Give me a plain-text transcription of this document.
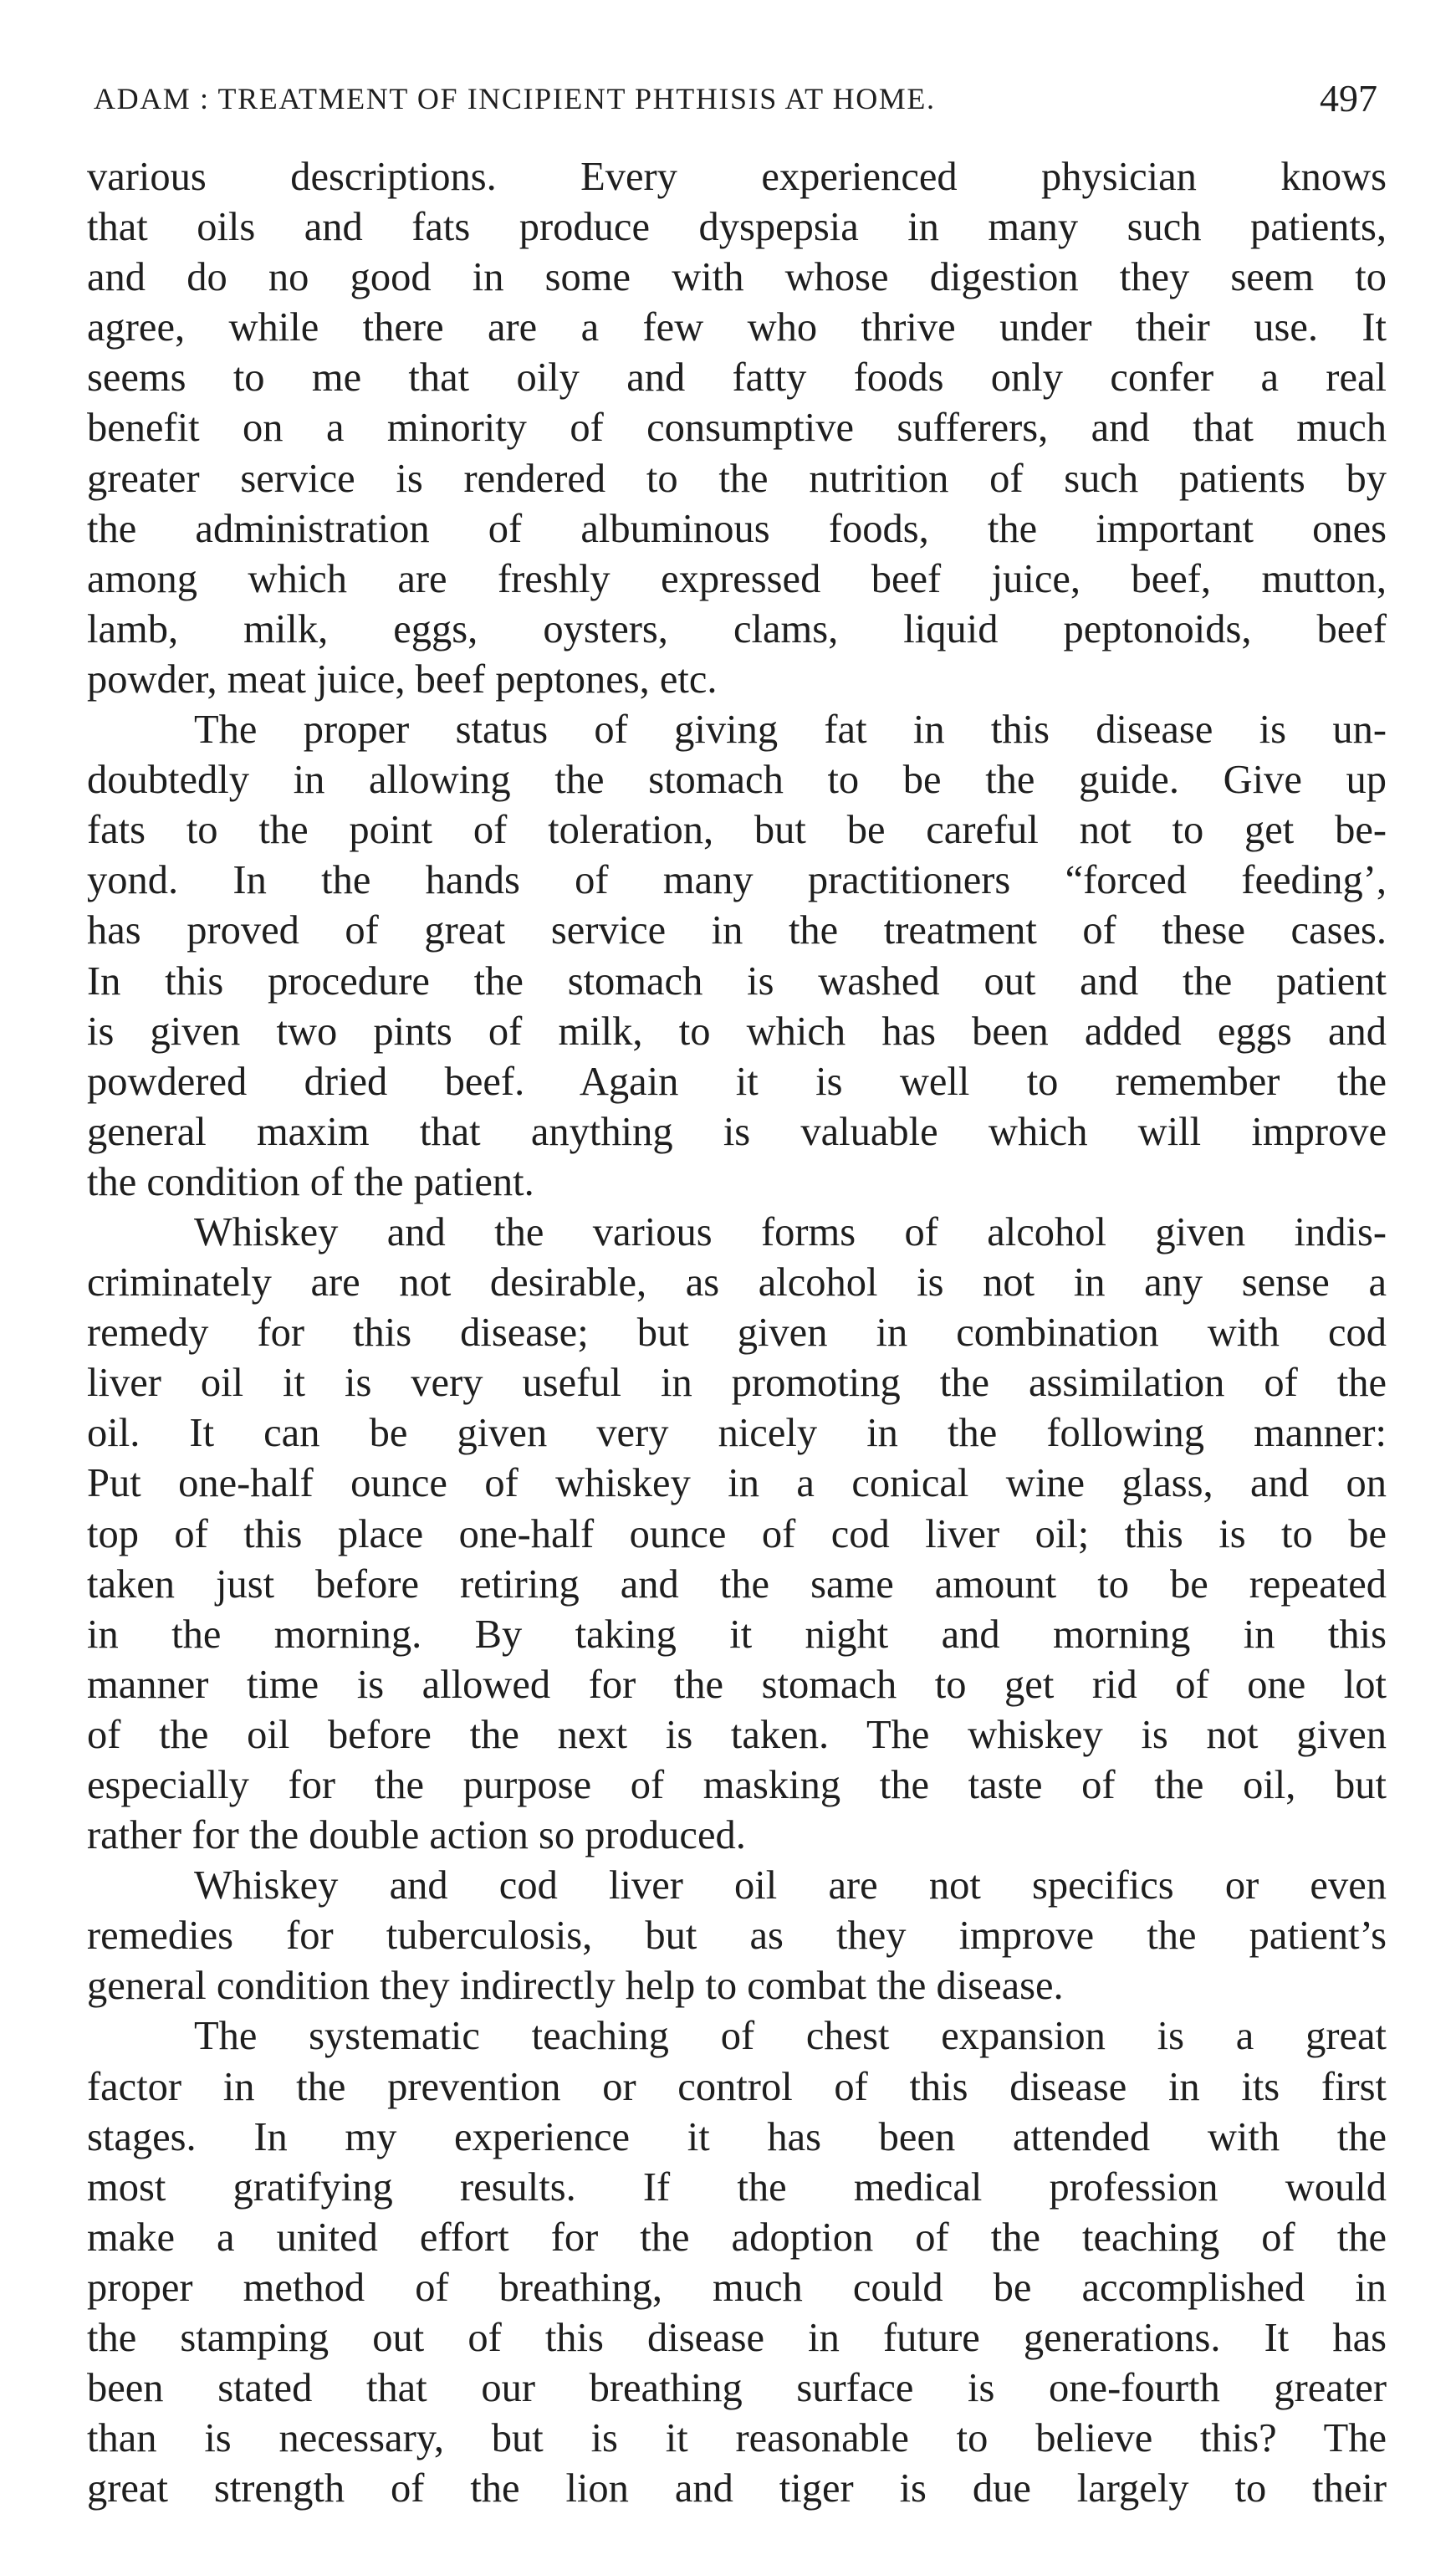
ADAM : TREATMENT OF INCIPIENT PHTHISIS AT HOME.	497
various descriptions. Every experienced physician knows
that oils and fats produce dyspepsia in many such patients,
and do no good in some with whose digestion they seem to
agree, while there are a few who thrive under their use. It
seems to me that oily and fatty foods only confer a real
benefit on a minority of consumptive sufferers, and that much
greater service is rendered to the nutrition of such patients by
the administration of albuminous foods, the important ones
among which are freshly expressed beef juice, beef, mutton,
lamb, milk, eggs, oysters, clams, liquid peptonoids, beef
powder, meat juice, beef peptones, etc.
The proper status of giving fat in this disease is un-
doubtedly in allowing the stomach to be the guide. Give up
fats to the point of toleration, but be careful not to get be-
yond. In the hands of many practitioners “forced feeding’,
has proved of great service in the treatment of these cases.
In this procedure the stomach is washed out and the patient
is given two pints of milk, to which has been added eggs and
powdered dried beef. Again it is well to remember the
general maxim that anything is valuable which will improve
the condition of the patient.
Whiskey and the various forms of alcohol given indis-
criminately are not desirable, as alcohol is not in any sense a
remedy for this disease; but given in combination with cod
liver oil it is very useful in promoting the assimilation of the
oil. It can be given very nicely in the following manner:
Put one-half ounce of whiskey in a conical wine glass, and on
top of this place one-half ounce of cod liver oil; this is to be
taken just before retiring and the same amount to be repeated
in the morning. By taking it night and morning in this
manner time is allowed for the stomach to get rid of one lot
of the oil before the next is taken. The whiskey is not given
especially for the purpose of masking the taste of the oil, but
rather for the double action so produced.
Whiskey and cod liver oil are not specifics or even
remedies for tuberculosis, but as they improve the patient’s
general condition they indirectly help to combat the disease.
The systematic teaching of chest expansion is a great
factor in the prevention or control of this disease in its first
stages. In my experience it has been attended with the
most gratifying results. If the medical profession would
make a united effort for the adoption of the teaching of the
proper method of breathing, much could be accomplished in
the stamping out of this disease in future generations. It has
been stated that our breathing surface is one-fourth greater
than is necessary, but is it reasonable to believe this? The
great strength of the lion and tiger is due largely to their
